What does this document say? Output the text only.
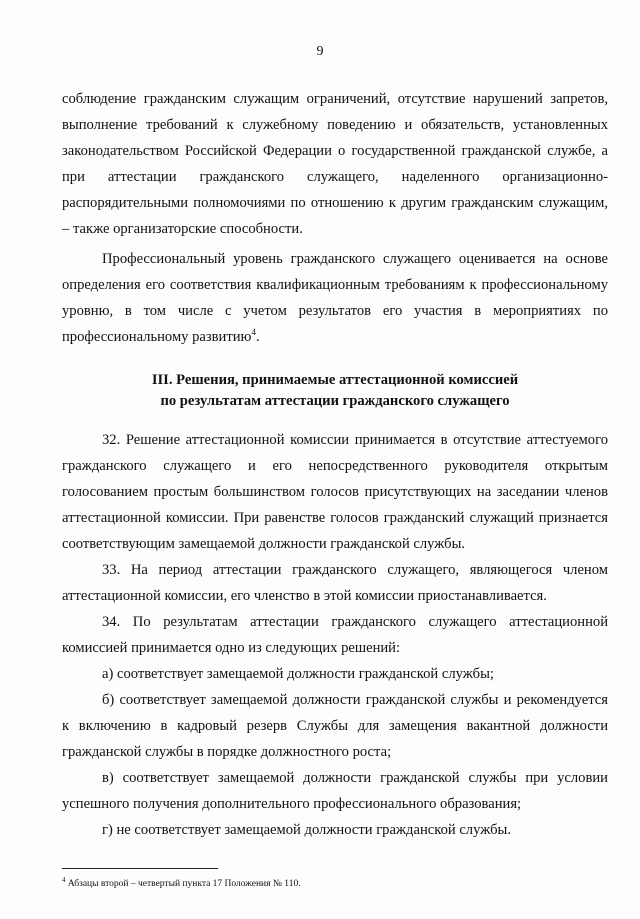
9

соблюдение гражданским служащим ограничений, отсутствие нарушений запретов, выполнение требований к служебному поведению и обязательств, установленных законодательством Российской Федерации о государственной гражданской службе, а при аттестации гражданского служащего, наделенного организационно-распорядительными полномочиями по отношению к другим гражданским служащим, – также организаторские способности.

Профессиональный уровень гражданского служащего оценивается на основе определения его соответствия квалификационным требованиям к профессиональному уровню, в том числе с учетом результатов его участия в мероприятиях по профессиональному развитию$^4$.

III. Решения, принимаемые аттестационной комиссией
по результатам аттестации гражданского служащего

32. Решение аттестационной комиссии принимается в отсутствие аттестуемого гражданского служащего и его непосредственного руководителя открытым голосованием простым большинством голосов присутствующих на заседании членов аттестационной комиссии. При равенстве голосов гражданский служащий признается соответствующим замещаемой должности гражданской службы.

33. На период аттестации гражданского служащего, являющегося членом аттестационной комиссии, его членство в этой комиссии приостанавливается.

34. По результатам аттестации гражданского служащего аттестационной комиссией принимается одно из следующих решений:

а) соответствует замещаемой должности гражданской службы;

б) соответствует замещаемой должности гражданской службы и рекомендуется к включению в кадровый резерв Службы для замещения вакантной должности гражданской службы в порядке должностного роста;

в) соответствует замещаемой должности гражданской службы при условии успешного получения дополнительного профессионального образования;

г) не соответствует замещаемой должности гражданской службы.

$^4$ Абзацы второй – четвертый пункта 17 Положения № 110.
